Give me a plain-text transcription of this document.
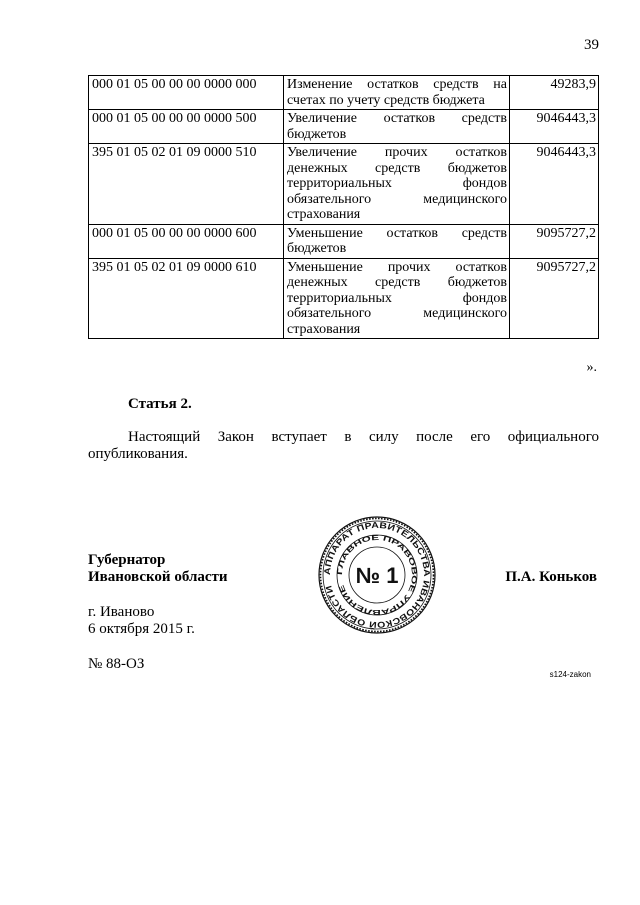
39
000 01 05 00 00 00 0000 000	Изменение остатков средств на счетах по учету средств бюджета	49283,9
000 01 05 00 00 00 0000 500	Увеличение остатков средств бюджетов	9046443,3
395 01 05 02 01 09 0000 510	Увеличение прочих остатков денежных средств бюджетов территориальных фондов обязательного медицинского страхования	9046443,3
000 01 05 00 00 00 0000 600	Уменьшение остатков средств бюджетов	9095727,2
395 01 05 02 01 09 0000 610	Уменьшение прочих остатков денежных средств бюджетов территориальных фондов обязательного медицинского страхования	9095727,2
».
Статья 2.
Настоящий Закон вступает в силу после его официального опубликования.
Губернатор
Ивановской области	П.А. Коньков
АППАРАТ ПРАВИТЕЛЬСТВА ИВАНОВСКОЙ ОБЛАСТИ
ГЛАВНОЕ ПРАВОВОЕ УПРАВЛЕНИЕ
№ 1
г. Иваново
6 октября 2015 г.
№ 88-ОЗ
s124-zakon
